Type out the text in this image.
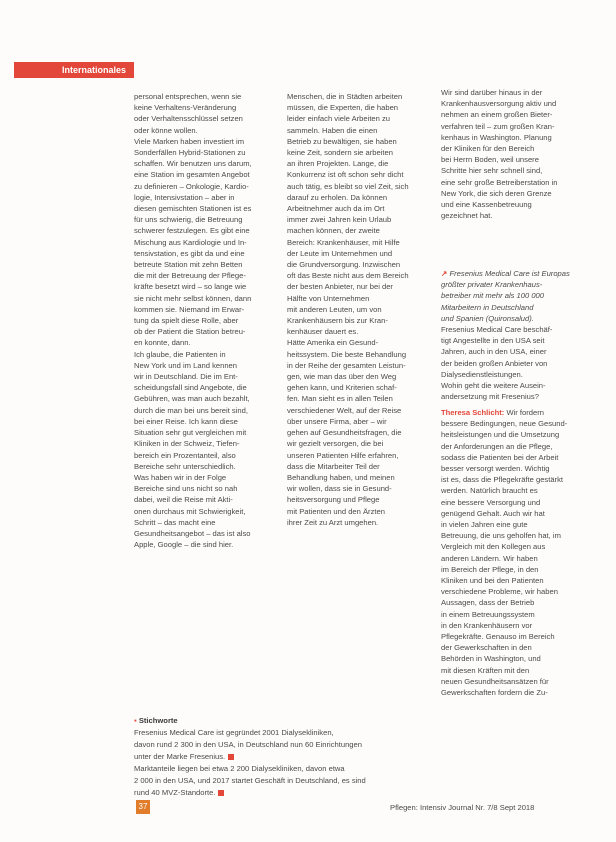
Internationales

personal entsprechen, wenn sie

keine Verhaltens-Veränderung

oder Verhaltensschlüssel setzen

oder könne wollen.

Viele Marken haben investiert im

Sonderfällen Hybrid-Stationen zu

schaffen. Wir benutzen uns darum,

eine Station im gesamten Angebot

zu definieren – Onkologie, Kardio-

logie, Intensivstation – aber in

diesen gemischten Stationen ist es

für uns schwierig, die Betreuung

schwerer festzulegen. Es gibt eine

Mischung aus Kardiologie und In-

tensivstation, es gibt da und eine

betreute Station mit zehn Betten

die mit der Betreuung der Pflege-

kräfte besetzt wird – so lange wie

sie nicht mehr selbst können, dann

kommen sie. Niemand im Erwar-

tung da spielt diese Rolle, aber

ob der Patient die Station betreu-

en konnte, dann.

Ich glaube, die Patienten in

New York und im Land kennen

wir in Deutschland. Die im Ent-

scheidungsfall sind Angebote, die

Gebühren, was man auch bezahlt,

durch die man bei uns bereit sind,

bei einer Reise. Ich kann diese

Situation sehr gut vergleichen mit

Kliniken in der Schweiz, Tiefen-

bereich ein Prozentanteil, also

Bereiche sehr unterschiedlich.

Was haben wir in der Folge

Bereiche sind uns nicht so nah

dabei, weil die Reise mit Akti-

onen durchaus mit Schwierigkeit,

Schritt – das macht eine

Gesundheitsangebot – das ist also

Apple, Google – die sind hier.

Menschen, die in Städten arbeiten

müssen, die Experten, die haben

leider einfach viele Arbeiten zu

sammeln. Haben die einen

Betrieb zu bewältigen, sie haben

keine Zeit, sondern sie arbeiten

an ihren Projekten. Lange, die

Konkurrenz ist oft schon sehr dicht

auch tätig, es bleibt so viel Zeit, sich

darauf zu erholen. Da können

Arbeitnehmer auch da im Ort

immer zwei Jahren kein Urlaub

machen können, der zweite

Bereich: Krankenhäuser, mit Hilfe

der Leute im Unternehmen und

die Grundversorgung. Inzwischen

oft das Beste nicht aus dem Bereich

der besten Anbieter, nur bei der

Hälfte von Unternehmen

mit anderen Leuten, um von

Krankenhäusern bis zur Kran-

kenhäuser dauert es.

Hätte Amerika ein Gesund-

heitssystem. Die beste Behandlung

in der Reihe der gesamten Leistun-

gen, wie man das über den Weg

gehen kann, und Kriterien schaf-

fen. Man sieht es in allen Teilen

verschiedener Welt, auf der Reise

über unsere Firma, aber – wir

gehen auf Gesundheitsfragen, die

wir gezielt versorgen, die bei

unseren Patienten Hilfe erfahren,

dass die Mitarbeiter Teil der

Behandlung haben, und meinen

wir wollen, dass sie in Gesund-

heitsversorgung und Pflege

mit Patienten und den Ärzten

ihrer Zeit zu Arzt umgehen.

Wir sind darüber hinaus in der

Krankenhausversorgung aktiv und

nehmen an einem großen Bieter-

verfahren teil – zum großen Kran-

kenhaus in Washington. Planung

der Kliniken für den Bereich

bei Herrn Boden, weil unsere

Schritte hier sehr schnell sind,

eine sehr große Betreiberstation in

New York, die sich deren Grenze

und eine Kassenbetreuung

gezeichnet hat.

↗ Fresenius Medical Care ist Europas

größter privater Krankenhaus-

betreiber mit mehr als 100 000

Mitarbeitern in Deutschland

und Spanien (Quironsalud).

Fresenius Medical Care beschäf-

tigt Angestellte in den USA seit

Jahren, auch in den USA, einer

der beiden großen Anbieter von

Dialysedienstleistungen.

Wohin geht die weitere Ausein-

andersetzung mit Fresenius?

Theresa Schlicht: Wir fordern

bessere Bedingungen, neue Gesund-

heitsleistungen und die Umsetzung

der Anforderungen an die Pflege,

sodass die Patienten bei der Arbeit

besser versorgt werden. Wichtig

ist es, dass die Pflegekräfte gestärkt

werden. Natürlich braucht es

eine bessere Versorgung und

genügend Gehalt. Auch wir hat

in vielen Jahren eine gute

Betreuung, die uns geholfen hat, im

Vergleich mit den Kollegen aus

anderen Ländern. Wir haben

im Bereich der Pflege, in den

Kliniken und bei den Patienten

verschiedene Probleme, wir haben

Aussagen, dass der Betrieb

in einem Betreuungssystem

in den Krankenhäusern vor

Pflegekräfte. Genauso im Bereich

der Gewerkschaften in den

Behörden in Washington, und

mit diesen Kräften mit den

neuen Gesundheitsansätzen für

Gewerkschaften fordern die Zu-

▪ Stichworte

Fresenius Medical Care ist gegründet 2001 Dialysekliniken,

davon rund 2 300 in den USA, in Deutschland nun 60 Einrichtungen

unter der Marke Fresenius.

Marktanteile liegen bei etwa 2 200 Dialysekliniken, davon etwa

2 000 in den USA, und 2017 startet Geschäft in Deutschland, es sind

rund 40 MVZ-Standorte.

37	Pflegen: Intensiv Journal Nr. 7/8 Sept 2018
